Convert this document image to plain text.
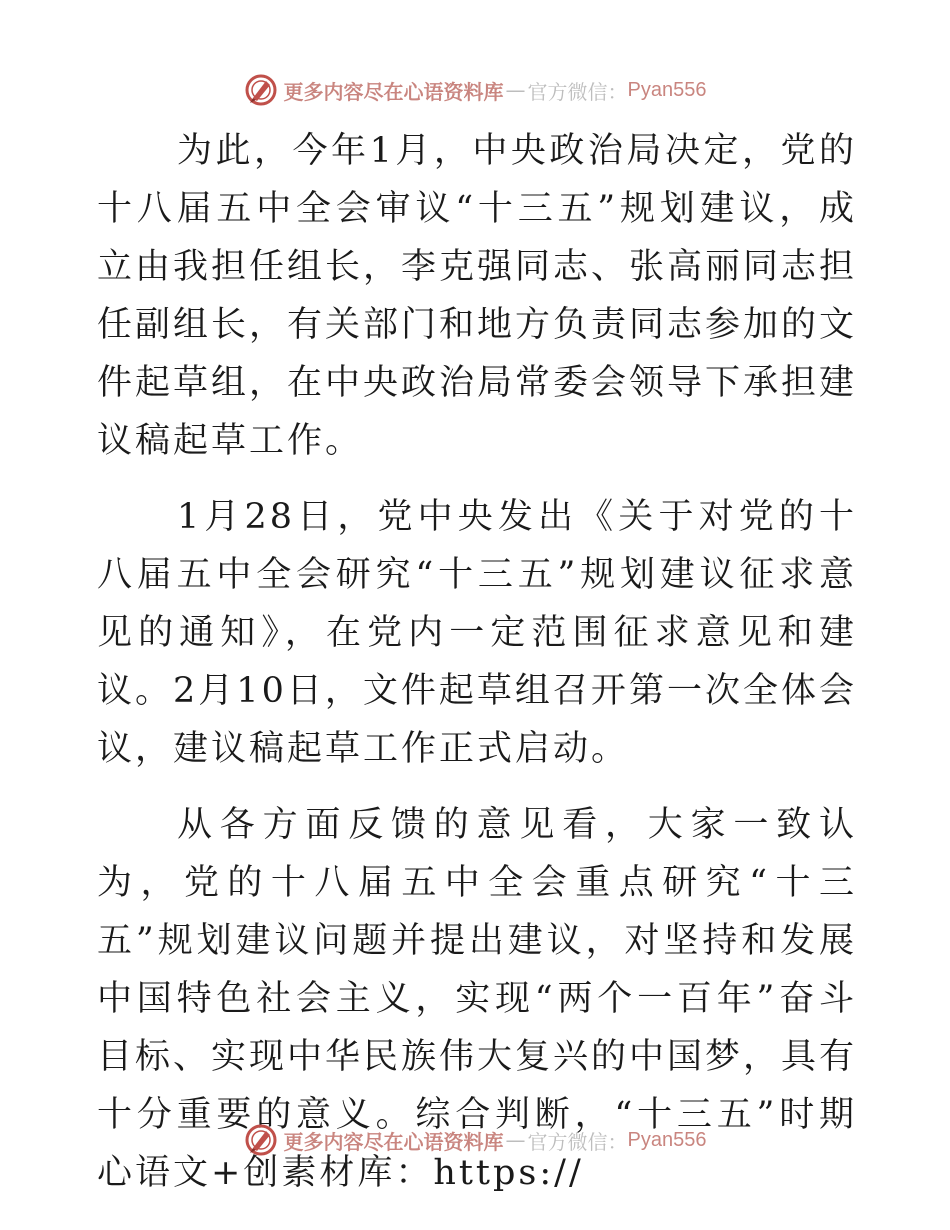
更多内容尽在心语资料库 — 官方微信： Pyan556

为此，今年1月，中央政治局决定，党的十八届五中全会审议“十三五”规划建议，成立由我担任组长，李克强同志、张高丽同志担任副组长，有关部门和地方负责同志参加的文件起草组，在中央政治局常委会领导下承担建议稿起草工作。

1月28日，党中央发出《关于对党的十八届五中全会研究“十三五”规划建议征求意见的通知》，在党内一定范围征求意见和建议。2月10日，文件起草组召开第一次全体会议，建议稿起草工作正式启动。

从各方面反馈的意见看，大家一致认为，党的十八届五中全会重点研究“十三五”规划建议问题并提出建议，对坚持和发展中国特色社会主义，实现“两个一百年”奋斗目标、实现中华民族伟大复兴的中国梦，具有十分重要的意义。综合判断，“十三五”时期心语文+创素材库：https://

更多内容尽在心语资料库 — 官方微信： Pyan556
